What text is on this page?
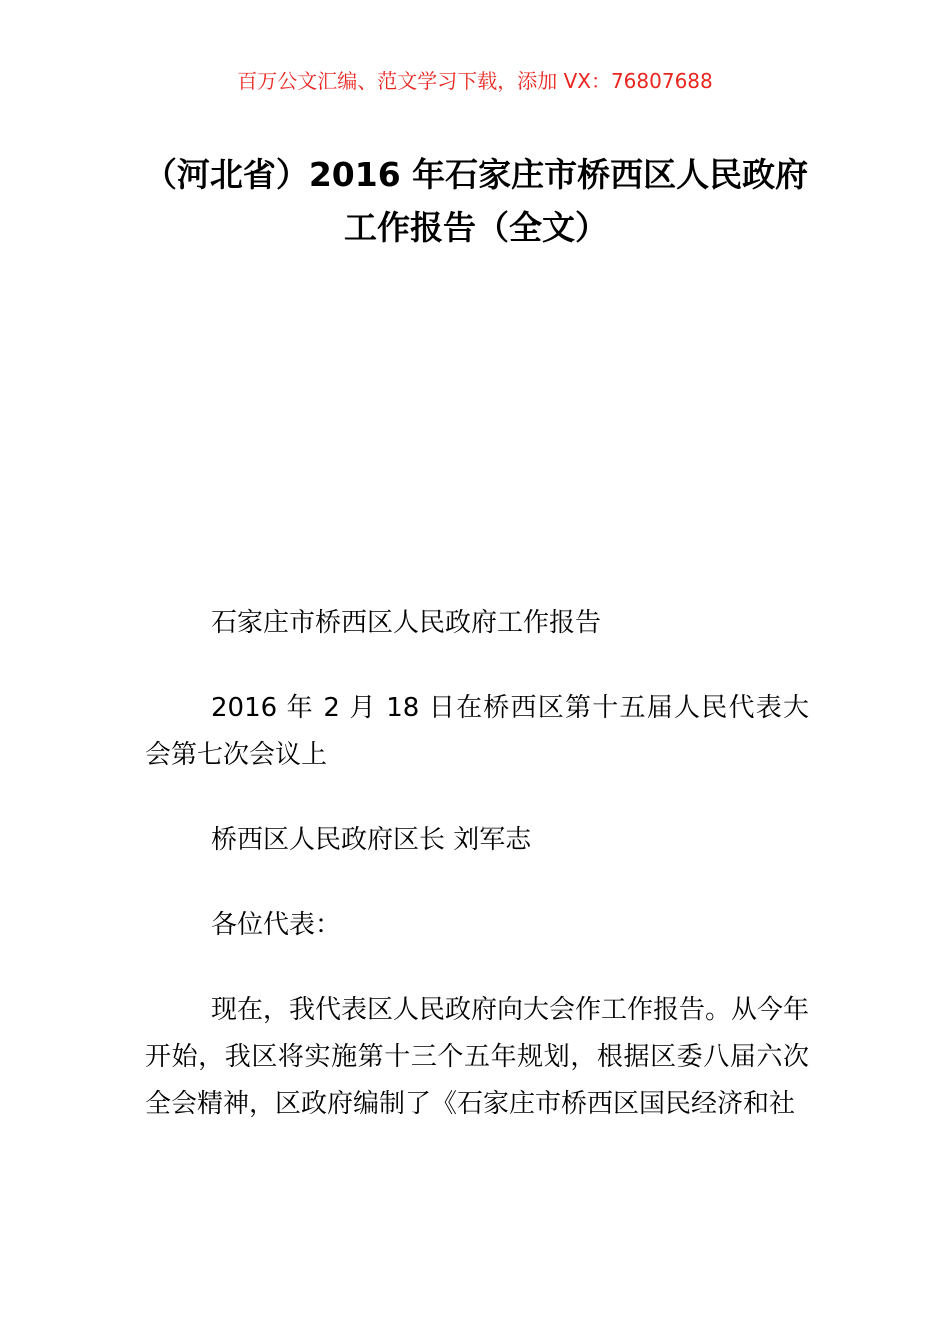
百万公文汇编、范文学习下载，添加 VX：76807688
（河北省）2016 年石家庄市桥西区人民政府工作报告（全文）

石家庄市桥西区人民政府工作报告

2016 年 2 月 18 日在桥西区第十五届人民代表大会第七次会议上

桥西区人民政府区长 刘军志

各位代表：

现在，我代表区人民政府向大会作工作报告。从今年开始，我区将实施第十三个五年规划，根据区委八届六次全会精神，区政府编制了《石家庄市桥西区国民经济和社
